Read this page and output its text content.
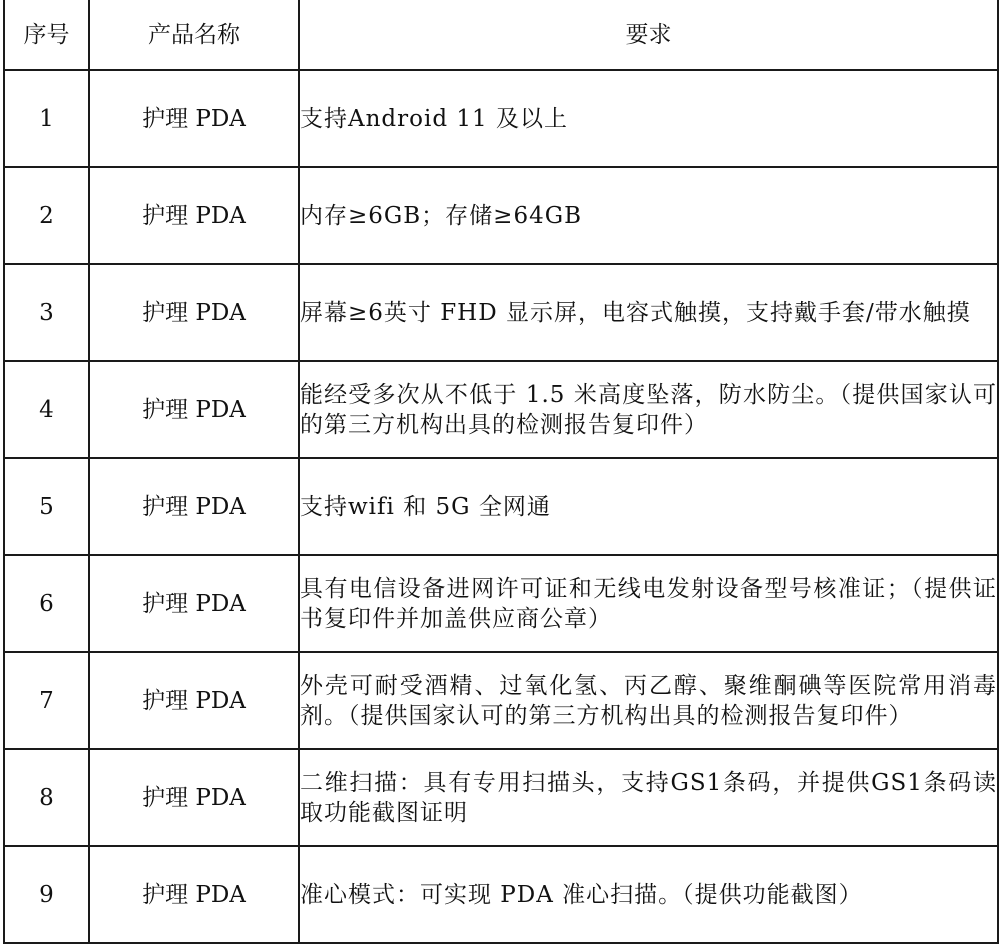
序号	产品名称	要求
1	护理 PDA	支持Android 11 及以上
2	护理 PDA	内存≥6GB；存储≥64GB
3	护理 PDA	屏幕≥6英寸 FHD 显示屏，电容式触摸，支持戴手套/带水触摸
4	护理 PDA	能经受多次从不低于 1.5 米高度坠落，防水防尘。（提供国家认可的第三方机构出具的检测报告复印件）
5	护理 PDA	支持wifi 和 5G 全网通
6	护理 PDA	具有电信设备进网许可证和无线电发射设备型号核准证；（提供证书复印件并加盖供应商公章）
7	护理 PDA	外壳可耐受酒精、过氧化氢、丙乙醇、聚维酮碘等医院常用消毒剂。（提供国家认可的第三方机构出具的检测报告复印件）
8	护理 PDA	二维扫描：具有专用扫描头，支持GS1条码，并提供GS1条码读取功能截图证明
9	护理 PDA	准心模式：可实现 PDA 准心扫描。（提供功能截图）
